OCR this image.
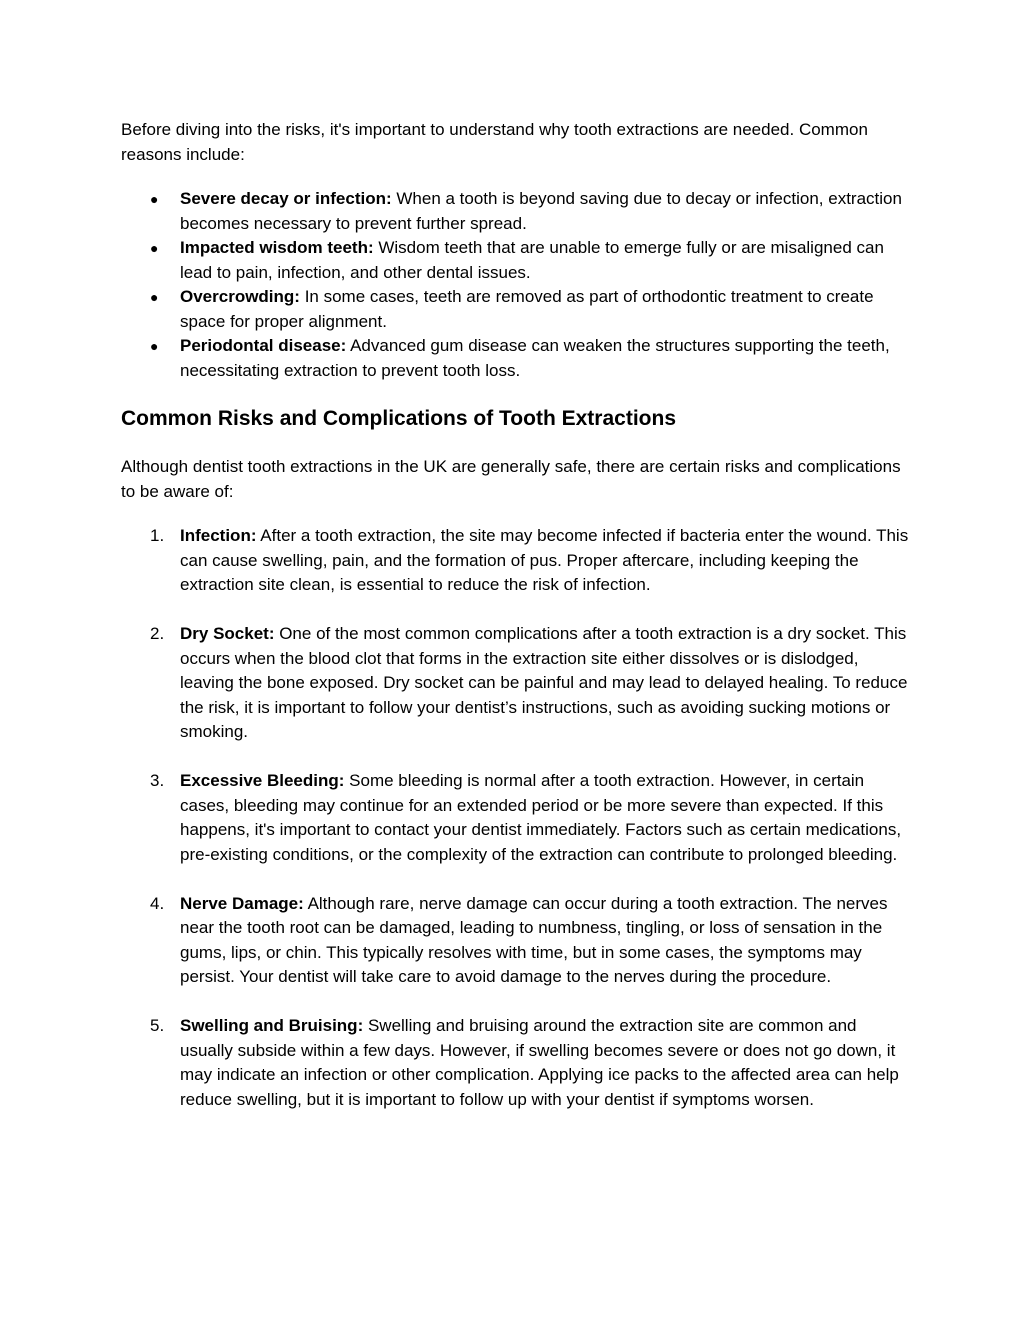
Before diving into the risks, it's important to understand why tooth extractions are needed. Common reasons include:

● Severe decay or infection: When a tooth is beyond saving due to decay or infection, extraction becomes necessary to prevent further spread.
● Impacted wisdom teeth: Wisdom teeth that are unable to emerge fully or are misaligned can lead to pain, infection, and other dental issues.
● Overcrowding: In some cases, teeth are removed as part of orthodontic treatment to create space for proper alignment.
● Periodontal disease: Advanced gum disease can weaken the structures supporting the teeth, necessitating extraction to prevent tooth loss.
Common Risks and Complications of Tooth Extractions

Although dentist tooth extractions in the UK are generally safe, there are certain risks and complications to be aware of:

1. Infection: After a tooth extraction, the site may become infected if bacteria enter the wound. This can cause swelling, pain, and the formation of pus. Proper aftercare, including keeping the extraction site clean, is essential to reduce the risk of infection.
2. Dry Socket: One of the most common complications after a tooth extraction is a dry socket. This occurs when the blood clot that forms in the extraction site either dissolves or is dislodged, leaving the bone exposed. Dry socket can be painful and may lead to delayed healing. To reduce the risk, it is important to follow your dentist’s instructions, such as avoiding sucking motions or smoking.
3. Excessive Bleeding: Some bleeding is normal after a tooth extraction. However, in certain cases, bleeding may continue for an extended period or be more severe than expected. If this happens, it's important to contact your dentist immediately. Factors such as certain medications, pre-existing conditions, or the complexity of the extraction can contribute to prolonged bleeding.
4. Nerve Damage: Although rare, nerve damage can occur during a tooth extraction. The nerves near the tooth root can be damaged, leading to numbness, tingling, or loss of sensation in the gums, lips, or chin. This typically resolves with time, but in some cases, the symptoms may persist. Your dentist will take care to avoid damage to the nerves during the procedure.
5. Swelling and Bruising: Swelling and bruising around the extraction site are common and usually subside within a few days. However, if swelling becomes severe or does not go down, it may indicate an infection or other complication. Applying ice packs to the affected area can help reduce swelling, but it is important to follow up with your dentist if symptoms worsen.
